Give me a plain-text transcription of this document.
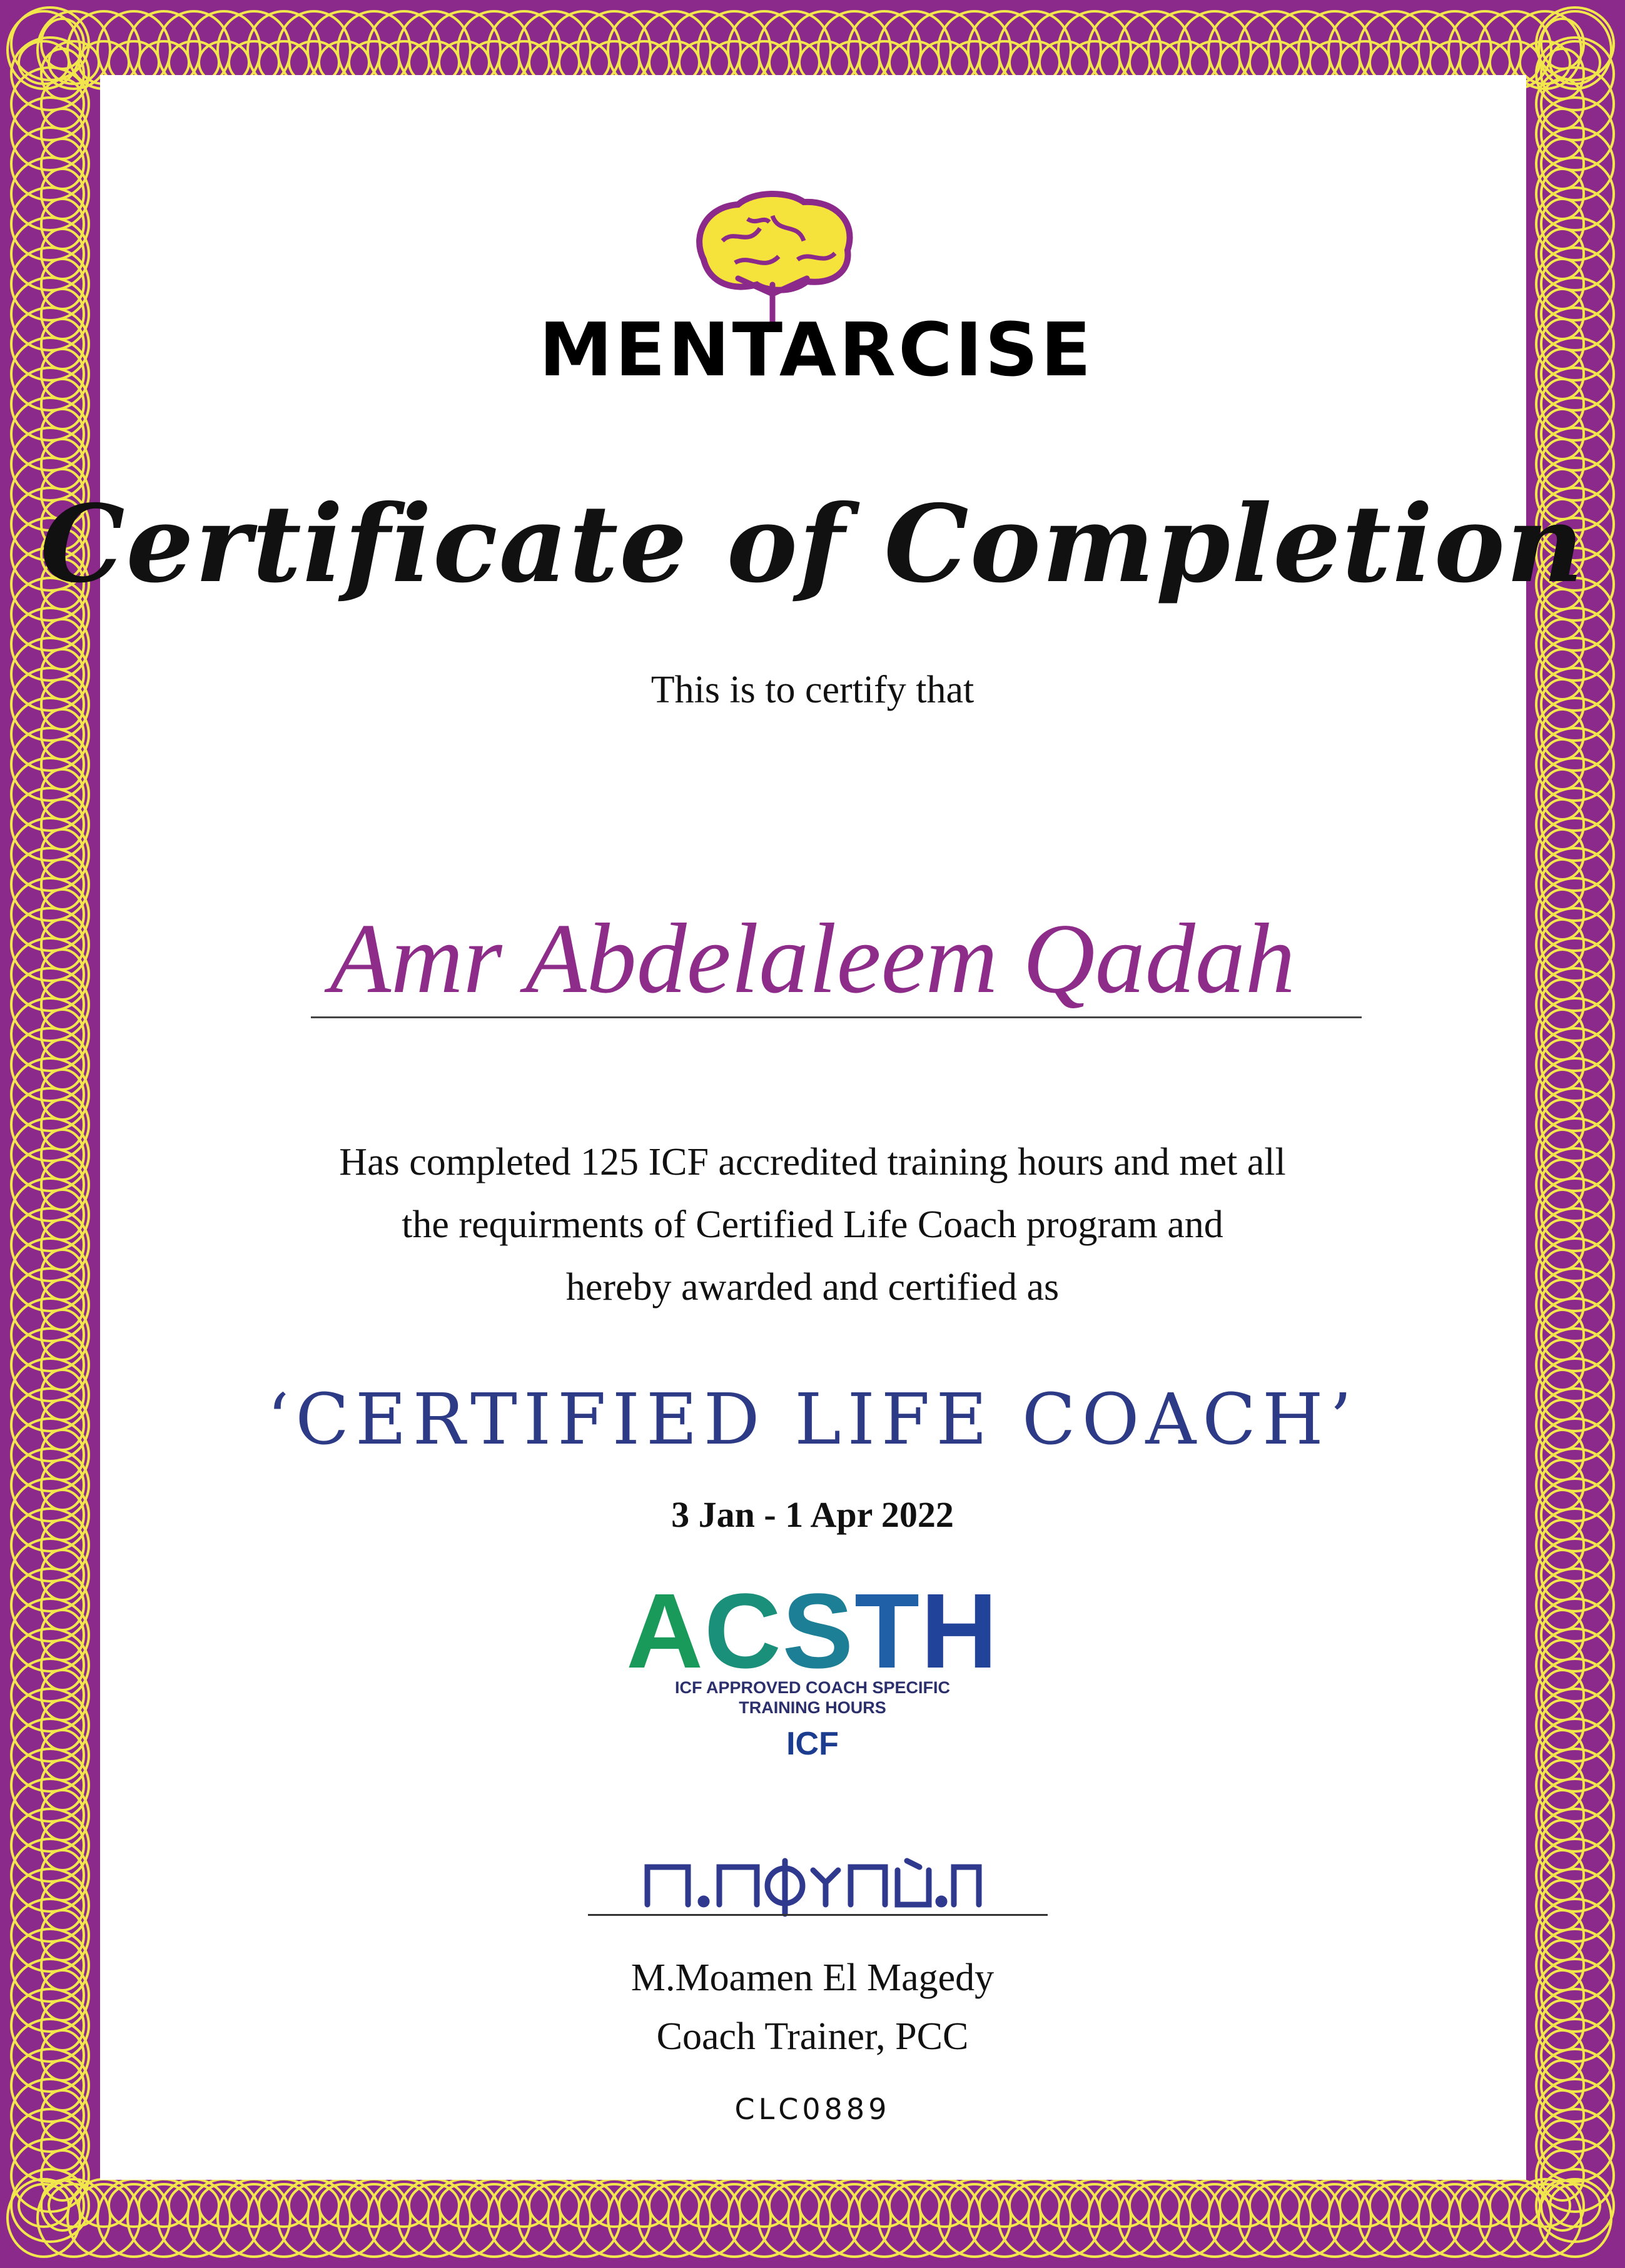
MENTARCISE
Certificate of Completion
This is to certify that
Amr Abdelaleem Qadah
Has completed 125 ICF accredited training hours and met all
the requirments of Certified Life Coach program and
hereby awarded and certified as
‘CERTIFIED LIFE COACH’
3 Jan - 1 Apr 2022
ACSTH
ICF APPROVED COACH SPECIFIC
TRAINING HOURS
ICF
M.Moamen El Magedy
Coach Trainer, PCC
CLC0889
